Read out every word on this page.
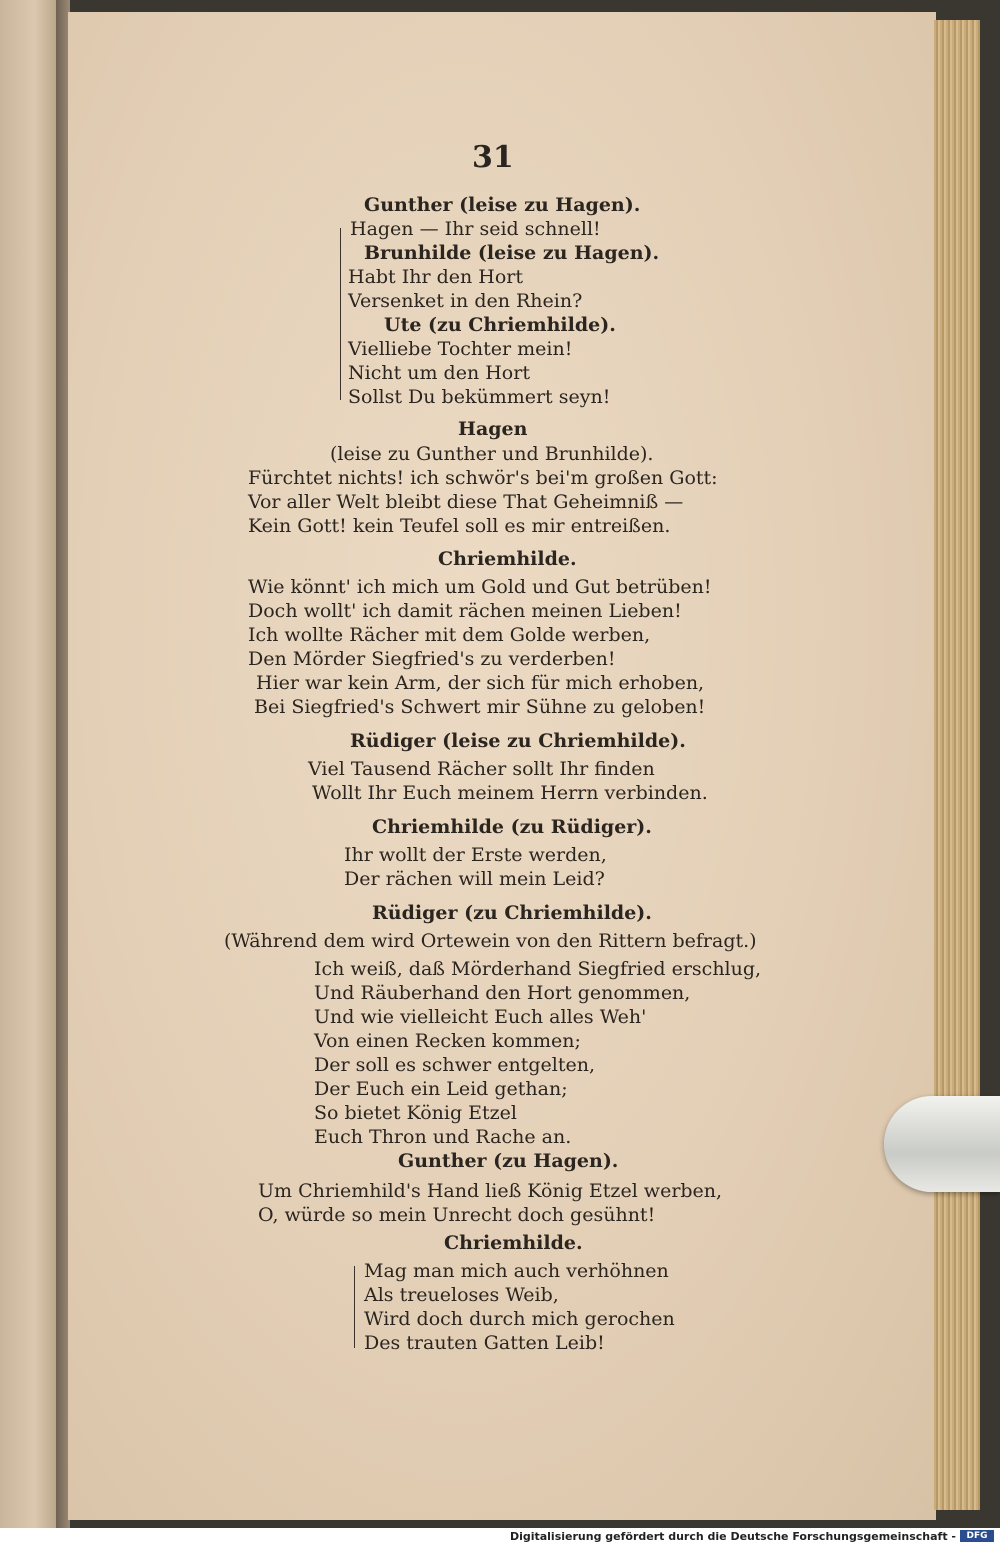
31
Gunther (leise zu Hagen).
Hagen — Ihr seid schnell!
Brunhilde (leise zu Hagen).
Habt Ihr den Hort
Versenket in den Rhein?
Ute (zu Chriemhilde).
Vielliebe Tochter mein!
Nicht um den Hort
Sollst Du bekümmert seyn!
Hagen
(leise zu Gunther und Brunhilde).
Fürchtet nichts! ich schwör's bei'm großen Gott:
Vor aller Welt bleibt diese That Geheimniß —
Kein Gott! kein Teufel soll es mir entreißen.
Chriemhilde.
Wie könnt' ich mich um Gold und Gut betrüben!
Doch wollt' ich damit rächen meinen Lieben!
Ich wollte Rächer mit dem Golde werben,
Den Mörder Siegfried's zu verderben!
Hier war kein Arm, der sich für mich erhoben,
Bei Siegfried's Schwert mir Sühne zu geloben!
Rüdiger (leise zu Chriemhilde).
Viel Tausend Rächer sollt Ihr finden
Wollt Ihr Euch meinem Herrn verbinden.
Chriemhilde (zu Rüdiger).
Ihr wollt der Erste werden,
Der rächen will mein Leid?
Rüdiger (zu Chriemhilde).
(Während dem wird Ortewein von den Rittern befragt.)
Ich weiß, daß Mörderhand Siegfried erschlug,
Und Räuberhand den Hort genommen,
Und wie vielleicht Euch alles Weh'
Von einen Recken kommen;
Der soll es schwer entgelten,
Der Euch ein Leid gethan;
So bietet König Etzel
Euch Thron und Rache an.
Gunther (zu Hagen).
Um Chriemhild's Hand ließ König Etzel werben,
O, würde so mein Unrecht doch gesühnt!
Chriemhilde.
Mag man mich auch verhöhnen
Als treueloses Weib,
Wird doch durch mich gerochen
Des trauten Gatten Leib!
Digitalisierung gefördert durch die Deutsche Forschungsgemeinschaft -	DFG
